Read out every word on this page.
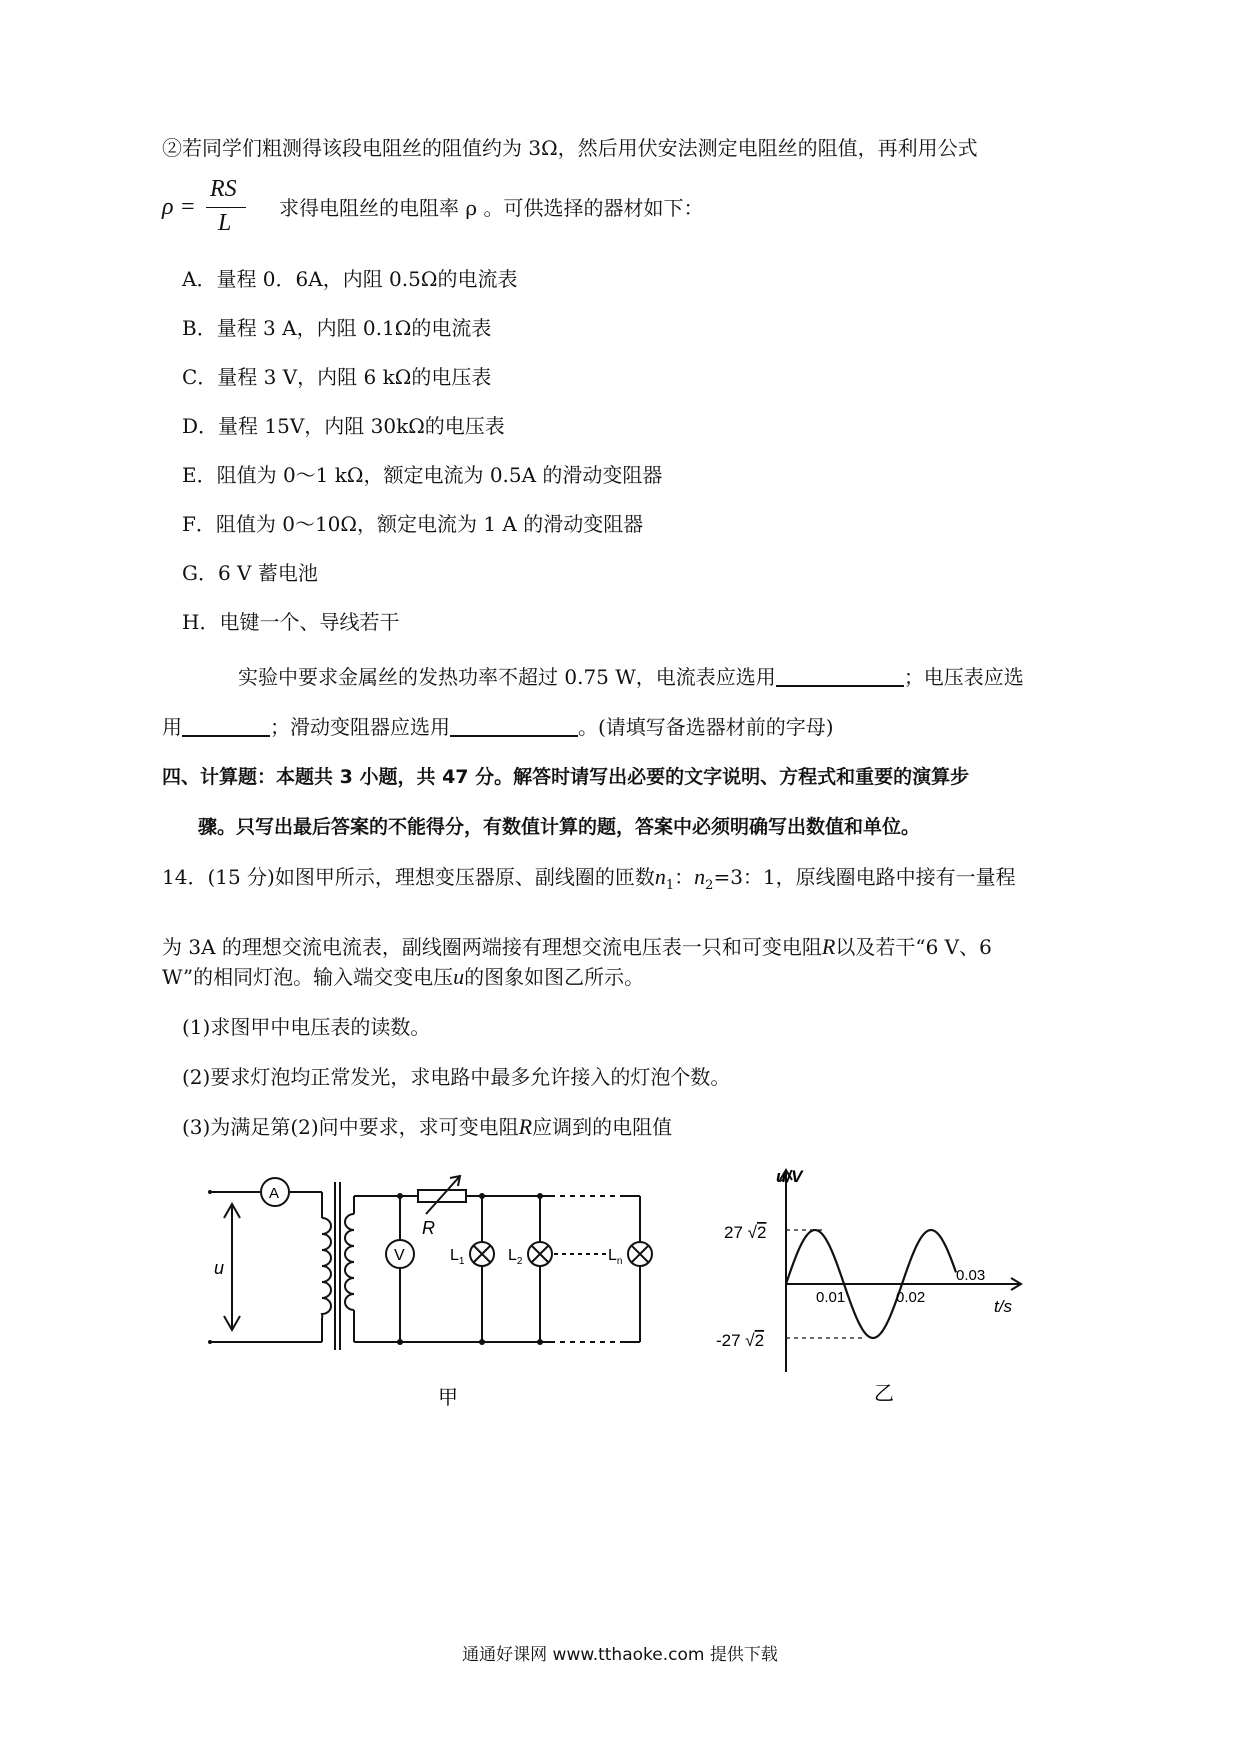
②若同学们粗测得该段电阻丝的阻值约为 3Ω，然后用伏安法测定电阻丝的阻值，再利用公式
ρ =
RS
L
求得电阻丝的电阻率 ρ 。可供选择的器材如下：
A．量程 0．6A，内阻 0.5Ω的电流表
B．量程 3 A，内阻 0.1Ω的电流表
C．量程 3 V，内阻 6 kΩ的电压表
D．量程 15V，内阻 30kΩ的电压表
E．阻值为 0～1 kΩ，额定电流为 0.5A 的滑动变阻器
F．阻值为 0～10Ω，额定电流为 1 A 的滑动变阻器
G．6 V 蓄电池
H．电键一个、导线若干
实验中要求金属丝的发热功率不超过 0.75 W，电流表应选用	；电压表应选
用	；滑动变阻器应选用	。(请填写备选器材前的字母)
四、计算题：本题共 3 小题，共 47 分。解答时请写出必要的文字说明、方程式和重要的演算步
骤。只写出最后答案的不能得分，有数值计算的题，答案中必须明确写出数值和单位。
14．(15 分)如图甲所示，理想变压器原、副线圈的匝数$n_1$：$n_2=3$：1，原线圈电路中接有一量程
为 3A 的理想交流电流表，副线圈两端接有理想交流电压表一只和可变电阻R以及若干“6 V、6
W”的相同灯泡。输入端交变电压u的图象如图乙所示。
(1)求图甲中电压表的读数。
(2)要求灯泡均正常发光，求电路中最多允许接入的灯泡个数。
(3)为满足第(2)问中要求，求可变电阻R应调到的电阻值
A
V
u
R
$L_1$	$L_2$	$L_n$
甲
u/V
t/s
27 √2
-27 √2
0.01	0.02
0.03
乙
通通好课网 www.tthaoke.com 提供下载
